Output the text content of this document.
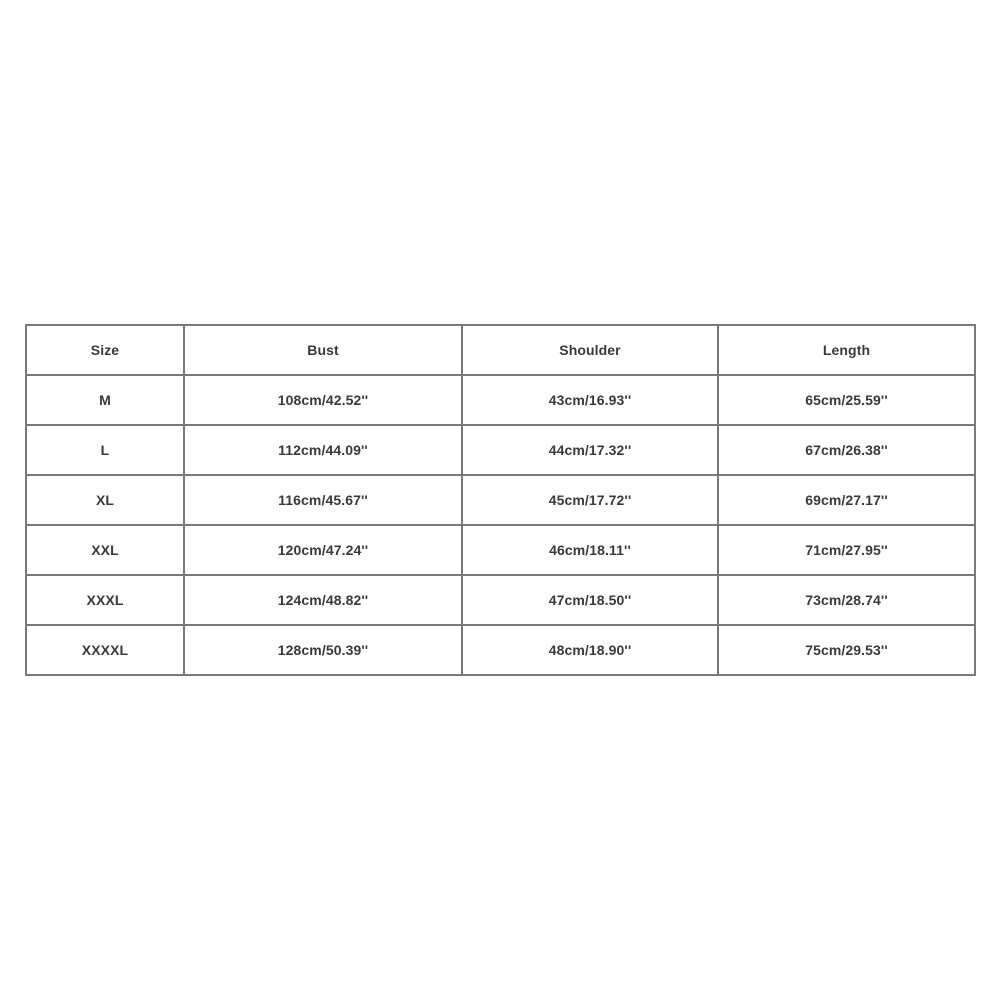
Size	Bust	Shoulder	Length
M	108cm/42.52''	43cm/16.93''	65cm/25.59''
L	112cm/44.09''	44cm/17.32''	67cm/26.38''
XL	116cm/45.67''	45cm/17.72''	69cm/27.17''
XXL	120cm/47.24''	46cm/18.11''	71cm/27.95''
XXXL	124cm/48.82''	47cm/18.50''	73cm/28.74''
XXXXL	128cm/50.39''	48cm/18.90''	75cm/29.53''
